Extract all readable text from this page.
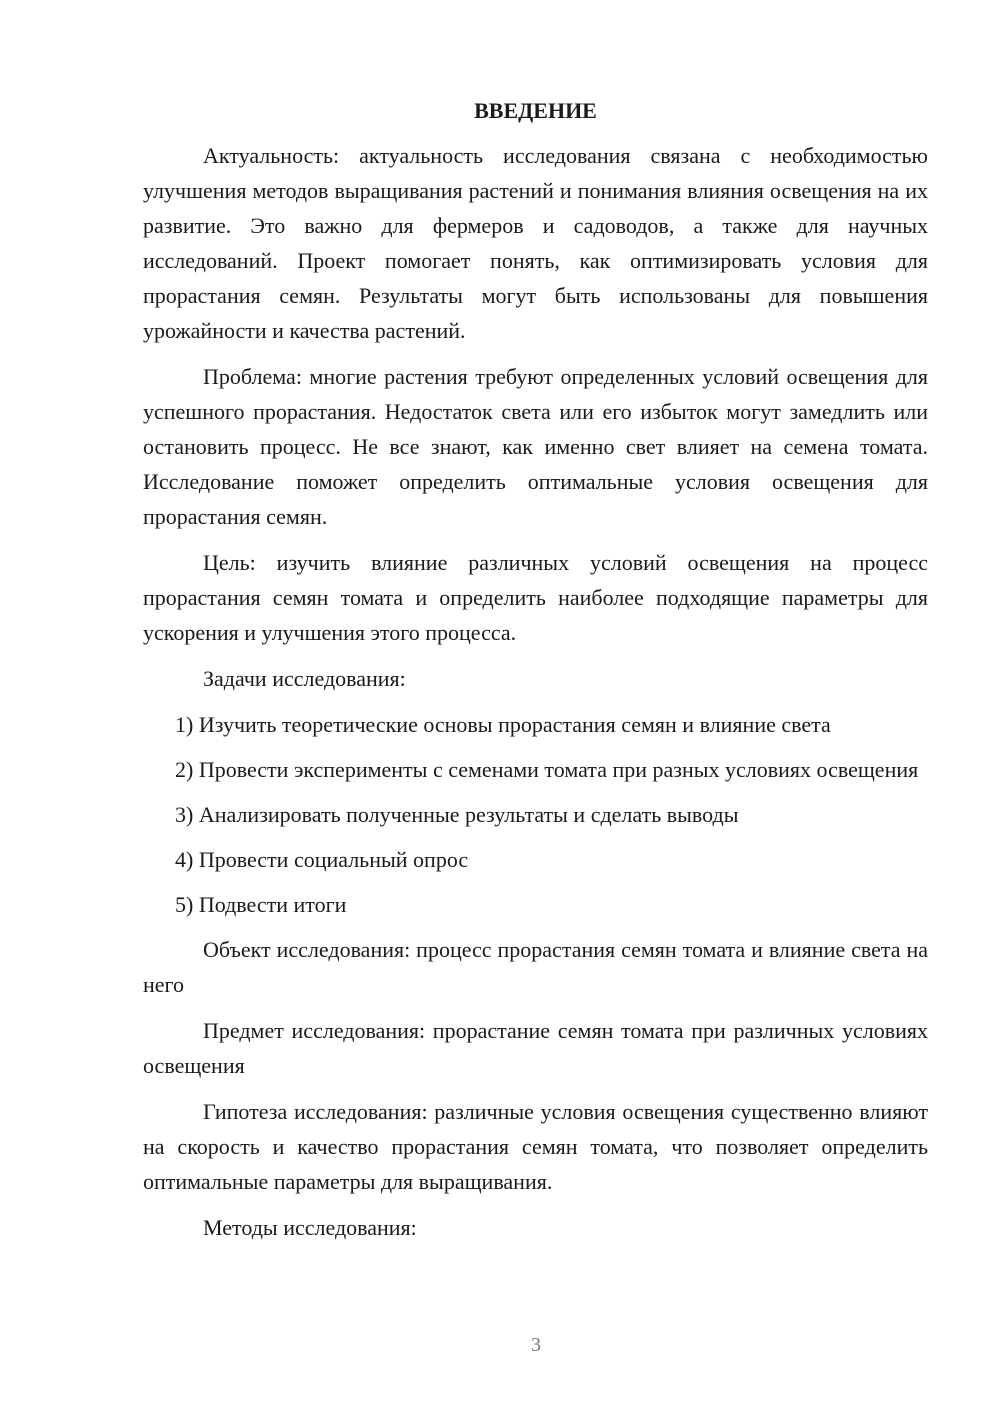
ВВЕДЕНИЕ

Актуальность: актуальность исследования связана с необходимостью улучшения методов выращивания растений и понимания влияния освещения на их развитие. Это важно для фермеров и садоводов, а также для научных исследований. Проект помогает понять, как оптимизировать условия для прорастания семян. Результаты могут быть использованы для повышения урожайности и качества растений.

Проблема: многие растения требуют определенных условий освещения для успешного прорастания. Недостаток света или его избыток могут замедлить или остановить процесс. Не все знают, как именно свет влияет на семена томата. Исследование поможет определить оптимальные условия освещения для прорастания семян.

Цель: изучить влияние различных условий освещения на процесс прорастания семян томата и определить наиболее подходящие параметры для ускорения и улучшения этого процесса.

Задачи исследования:

1) Изучить теоретические основы прорастания семян и влияние света

2) Провести эксперименты с семенами томата при разных условиях освещения

3) Анализировать полученные результаты и сделать выводы

4) Провести социальный опрос

5) Подвести итоги

Объект исследования: процесс прорастания семян томата и влияние света на него

Предмет исследования: прорастание семян томата при различных условиях освещения

Гипотеза исследования: различные условия освещения существенно влияют на скорость и качество прорастания семян томата, что позволяет определить оптимальные параметры для выращивания.

Методы исследования:

3
